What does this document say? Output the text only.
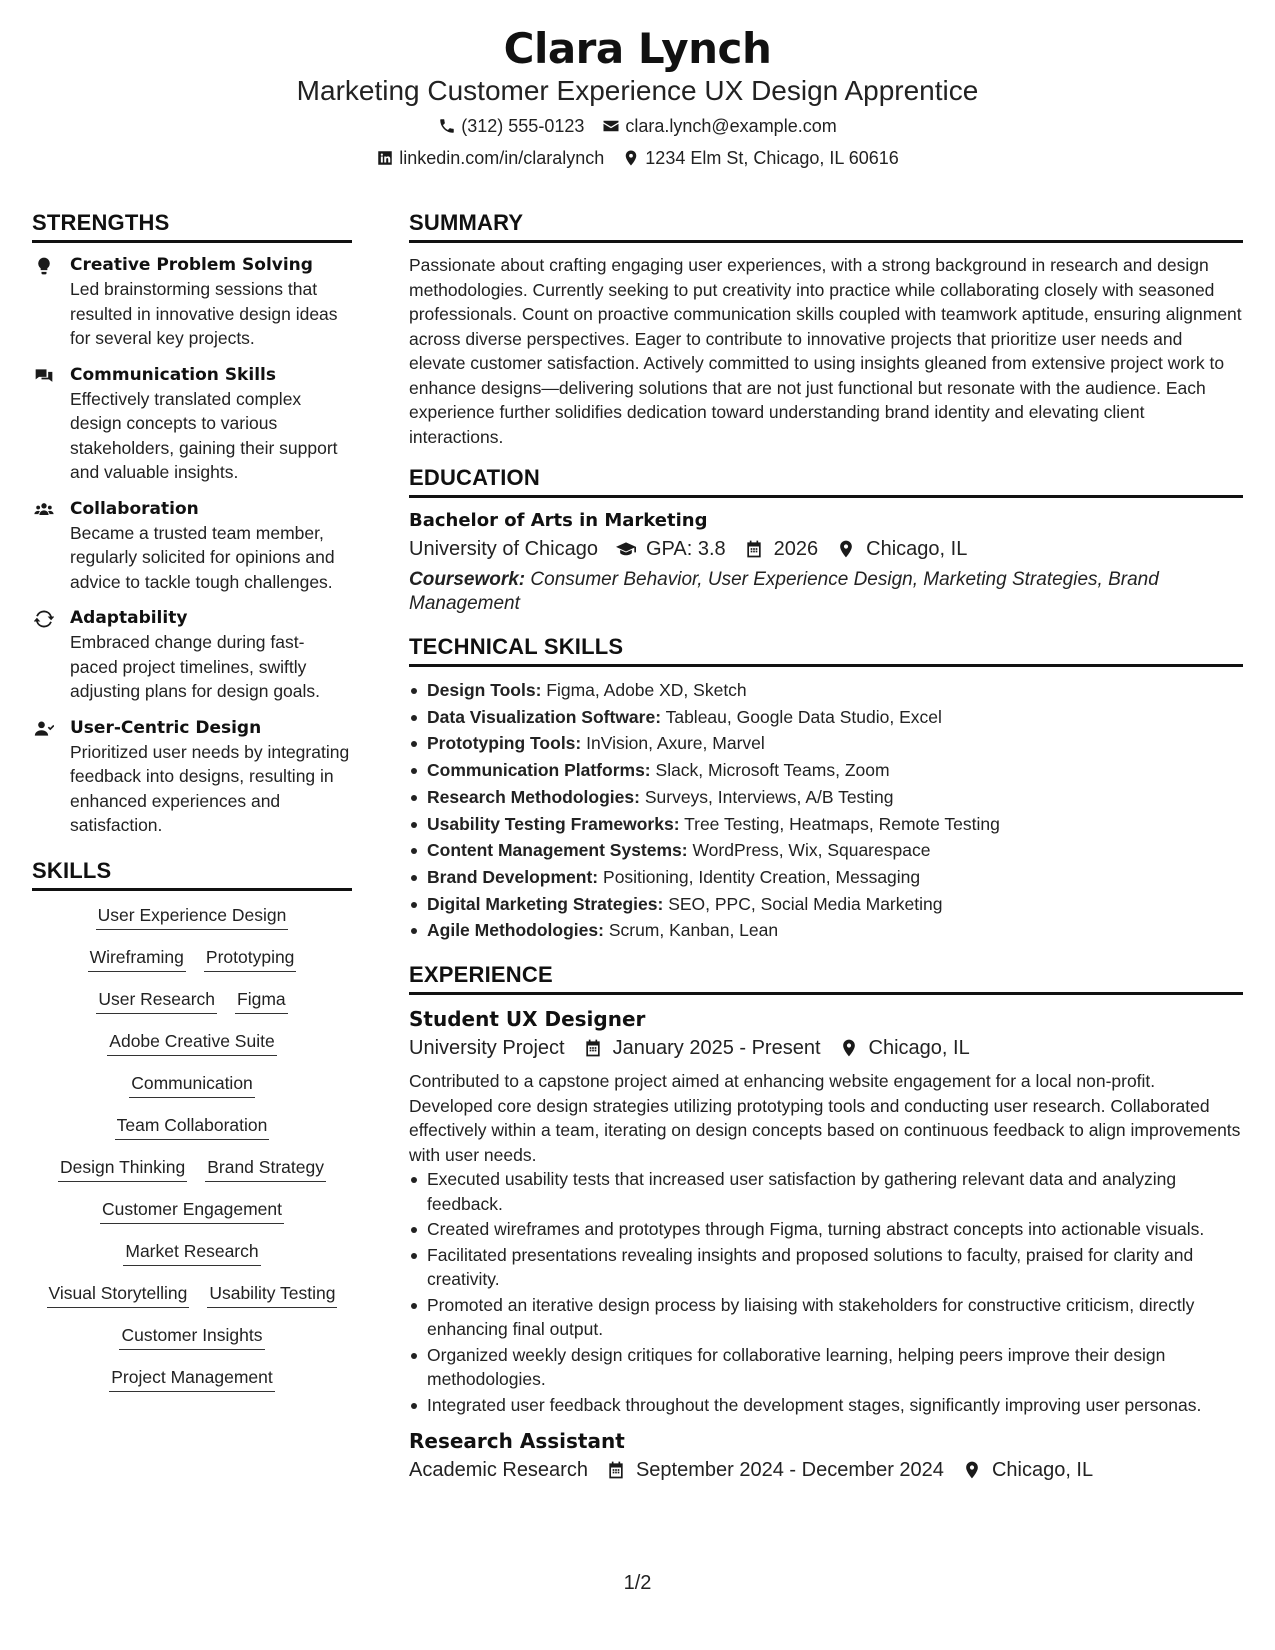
Clara Lynch
Marketing Customer Experience UX Design Apprentice
(312) 555-0123 clara.lynch@example.com
linkedin.com/in/claralynch 1234 Elm St, Chicago, IL 60616
STRENGTHS
Creative Problem Solving
Led brainstorming sessions that resulted in innovative design ideas for several key projects.
Communication Skills
Effectively translated complex design concepts to various stakeholders, gaining their support and valuable insights.
Collaboration
Became a trusted team member, regularly solicited for opinions and advice to tackle tough challenges.
Adaptability
Embraced change during fast-paced project timelines, swiftly adjusting plans for design goals.
User-Centric Design
Prioritized user needs by integrating feedback into designs, resulting in enhanced experiences and satisfaction.
SKILLS
User Experience Design
Wireframing Prototyping
User Research Figma
Adobe Creative Suite
Communication
Team Collaboration
Design Thinking Brand Strategy
Customer Engagement
Market Research
Visual Storytelling Usability Testing
Customer Insights
Project Management
SUMMARY
Passionate about crafting engaging user experiences, with a strong background in research and design methodologies. Currently seeking to put creativity into practice while collaborating closely with seasoned professionals. Count on proactive communication skills coupled with teamwork aptitude, ensuring alignment across diverse perspectives. Eager to contribute to innovative projects that prioritize user needs and elevate customer satisfaction. Actively committed to using insights gleaned from extensive project work to enhance designs—delivering solutions that are not just functional but resonate with the audience. Each experience further solidifies dedication toward understanding brand identity and elevating client interactions.
EDUCATION
Bachelor of Arts in Marketing
University of Chicago GPA: 3.8 2026 Chicago, IL
Coursework: Consumer Behavior, User Experience Design, Marketing Strategies, Brand Management
TECHNICAL SKILLS
Design Tools: Figma, Adobe XD, Sketch
Data Visualization Software: Tableau, Google Data Studio, Excel
Prototyping Tools: InVision, Axure, Marvel
Communication Platforms: Slack, Microsoft Teams, Zoom
Research Methodologies: Surveys, Interviews, A/B Testing
Usability Testing Frameworks: Tree Testing, Heatmaps, Remote Testing
Content Management Systems: WordPress, Wix, Squarespace
Brand Development: Positioning, Identity Creation, Messaging
Digital Marketing Strategies: SEO, PPC, Social Media Marketing
Agile Methodologies: Scrum, Kanban, Lean
EXPERIENCE
Student UX Designer
University Project January 2025 - Present Chicago, IL
Contributed to a capstone project aimed at enhancing website engagement for a local non-profit. Developed core design strategies utilizing prototyping tools and conducting user research. Collaborated effectively within a team, iterating on design concepts based on continuous feedback to align improvements with user needs.
Executed usability tests that increased user satisfaction by gathering relevant data and analyzing feedback.
Created wireframes and prototypes through Figma, turning abstract concepts into actionable visuals.
Facilitated presentations revealing insights and proposed solutions to faculty, praised for clarity and creativity.
Promoted an iterative design process by liaising with stakeholders for constructive criticism, directly enhancing final output.
Organized weekly design critiques for collaborative learning, helping peers improve their design methodologies.
Integrated user feedback throughout the development stages, significantly improving user personas.
Research Assistant
Academic Research September 2024 - December 2024 Chicago, IL
1/2
